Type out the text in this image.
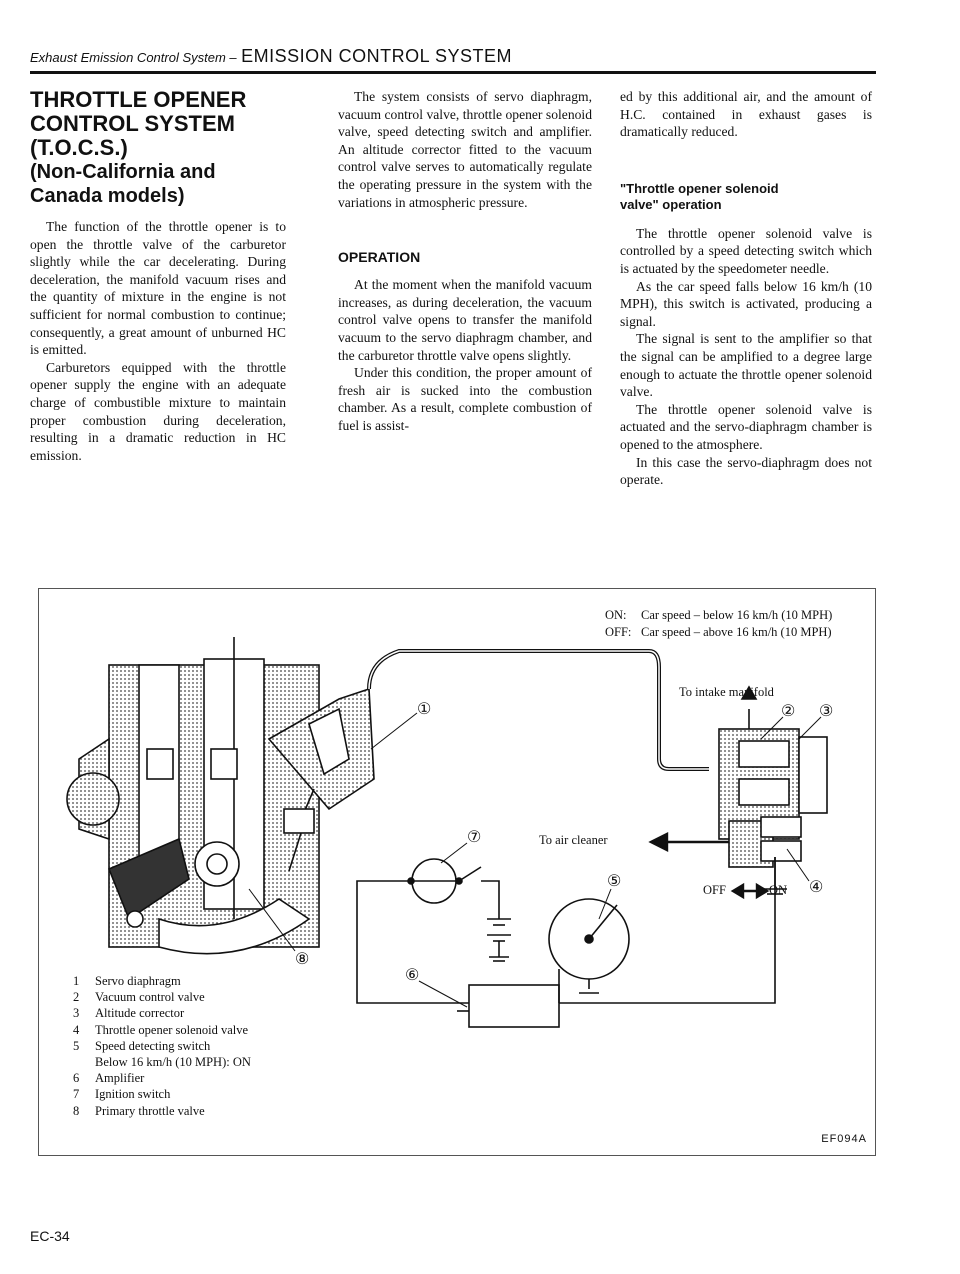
Exhaust Emission Control System – EMISSION CONTROL SYSTEM
THROTTLE OPENER
CONTROL SYSTEM
(T.O.C.S.)
(Non-California and
Canada models)

The function of the throttle opener is to open the throttle valve of the carburetor slightly while the car decelerating. During deceleration, the manifold vacuum rises and the quantity of mixture in the engine is not sufficient for normal combustion to continue; consequently, a great amount of unburned HC is emitted.

Carburetors equipped with the throttle opener supply the engine with an adequate charge of combustible mixture to maintain proper combustion during deceleration, resulting in a dramatic reduction in HC emission.

The system consists of servo diaphragm, vacuum control valve, throttle opener solenoid valve, speed detecting switch and amplifier. An altitude corrector fitted to the vacuum control valve serves to automatically regulate the operating pressure in the system with the variations in atmospheric pressure.

OPERATION

At the moment when the manifold vacuum increases, as during deceleration, the vacuum control valve opens to transfer the manifold vacuum to the servo diaphragm chamber, and the carburetor throttle valve opens slightly.

Under this condition, the proper amount of fresh air is sucked into the combustion chamber. As a result, complete combustion of fuel is assist-

ed by this additional air, and the amount of H.C. contained in exhaust gases is dramatically reduced.

"Throttle opener solenoid
valve" operation

The throttle opener solenoid valve is controlled by a speed detecting switch which is actuated by the speedometer needle.

As the car speed falls below 16 km/h (10 MPH), this switch is activated, producing a signal.

The signal is sent to the amplifier so that the signal can be amplified to a degree large enough to actuate the throttle opener solenoid valve.

The throttle opener solenoid valve is actuated and the servo-diaphragm chamber is opened to the atmosphere.

In this case the servo-diaphragm does not operate.

ON: Car speed – below 16 km/h (10 MPH)
OFF: Car speed – above 16 km/h (10 MPH)
To intake manifold
To air cleaner
OFF	ON
①	② ③
④
⑤
⑥
⑦
⑧
1 Servo diaphragm
2 Vacuum control valve
3 Altitude corrector
4 Throttle opener solenoid valve
5 Speed detecting switch
Below 16 km/h (10 MPH): ON
6 Amplifier
7 Ignition switch
8 Primary throttle valve
EF094A
EC-34
